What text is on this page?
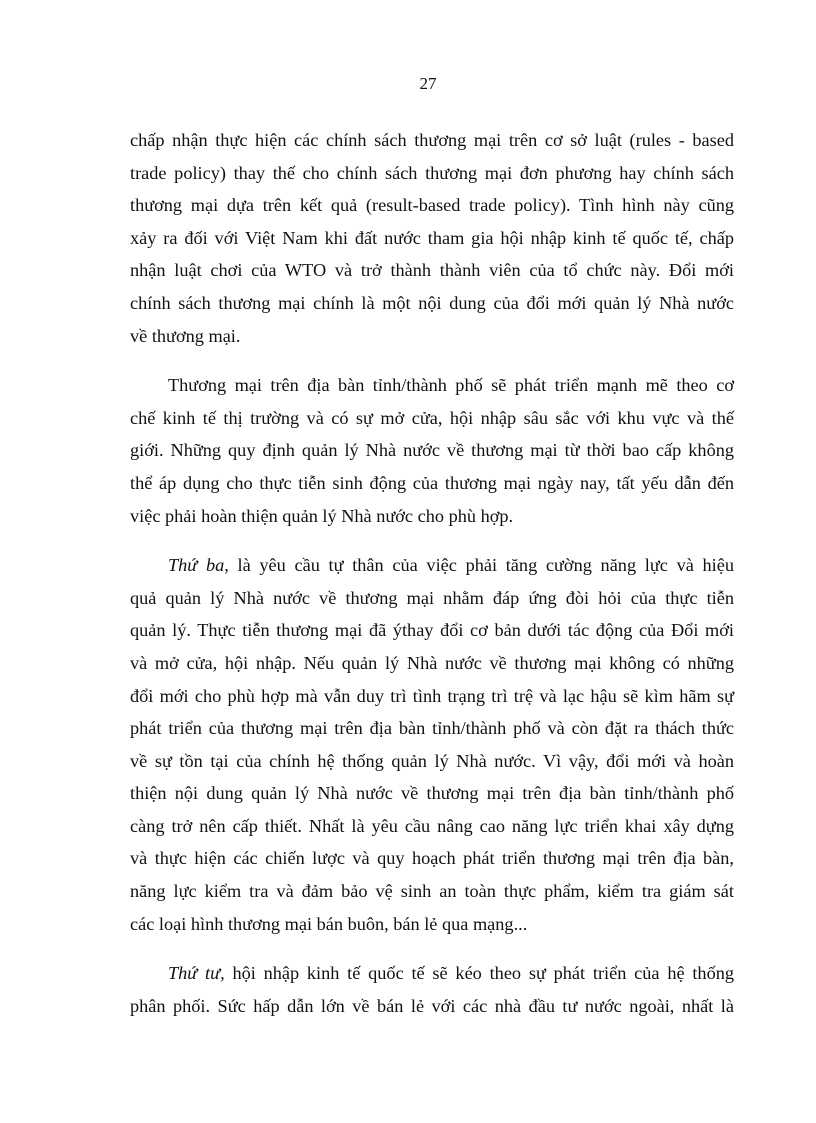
27
chấp nhận thực hiện các chính sách thương mại trên cơ sở luật (rules - based
trade policy) thay thế cho chính sách thương mại đơn phương hay chính sách
thương mại dựa trên kết quả (result-based trade policy). Tình hình này cũng
xảy ra đối với Việt Nam khi đất nước tham gia hội nhập kinh tế quốc tế, chấp
nhận luật chơi của WTO và trở thành thành viên của tổ chức này. Đổi mới
chính sách thương mại chính là một nội dung của đổi mới quản lý Nhà nước
về thương mại.
Thương mại trên địa bàn tỉnh/thành phố sẽ phát triển mạnh mẽ theo cơ
chế kinh tế thị trường và có sự mở cửa, hội nhập sâu sắc với khu vực và thế
giới. Những quy định quản lý Nhà nước về thương mại từ thời bao cấp không
thể áp dụng cho thực tiễn sinh động của thương mại ngày nay, tất yếu dẫn đến
việc phải hoàn thiện quản lý Nhà nước cho phù hợp.
Thứ ba, là yêu cầu tự thân của việc phải tăng cường năng lực và hiệu
quả quản lý Nhà nước về thương mại nhằm đáp ứng đòi hỏi của thực tiễn
quản lý. Thực tiễn thương mại đã ýthay đổi cơ bản dưới tác động của Đổi mới
và mở cửa, hội nhập. Nếu quản lý Nhà nước về thương mại không có những
đổi mới cho phù hợp mà vẫn duy trì tình trạng trì trệ và lạc hậu sẽ kìm hãm sự
phát triển của thương mại trên địa bàn tỉnh/thành phố và còn đặt ra thách thức
về sự tồn tại của chính hệ thống quản lý Nhà nước. Vì vậy, đổi mới và hoàn
thiện nội dung quản lý Nhà nước về thương mại trên địa bàn tỉnh/thành phố
càng trở nên cấp thiết. Nhất là yêu cầu nâng cao năng lực triển khai xây dựng
và thực hiện các chiến lược và quy hoạch phát triển thương mại trên địa bàn,
năng lực kiểm tra và đảm bảo vệ sinh an toàn thực phẩm, kiểm tra giám sát
các loại hình thương mại bán buôn, bán lẻ qua mạng...
Thứ tư, hội nhập kinh tế quốc tế sẽ kéo theo sự phát triển của hệ thống
phân phối. Sức hấp dẫn lớn về bán lẻ với các nhà đầu tư nước ngoài, nhất là
